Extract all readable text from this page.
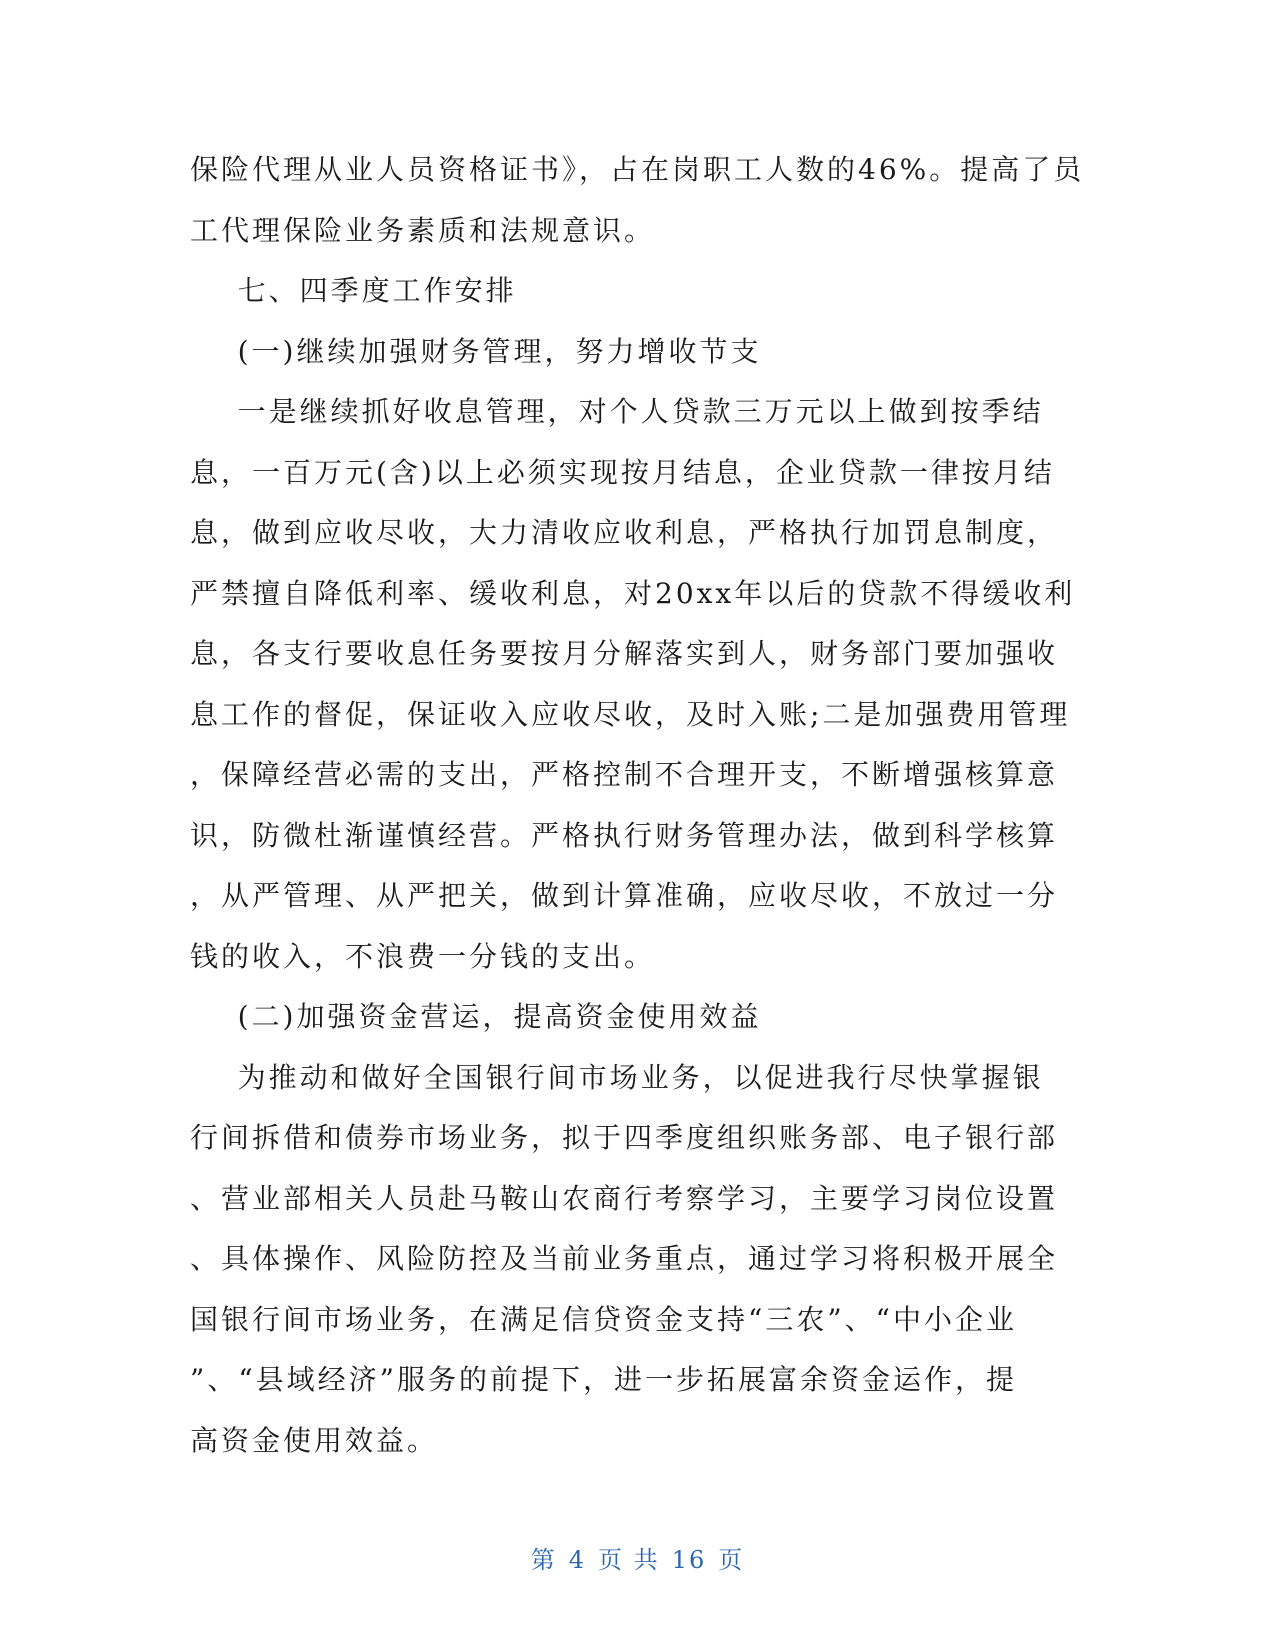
保险代理从业人员资格证书》，占在岗职工人数的46%。提高了员
工代理保险业务素质和法规意识。
七、四季度工作安排
(一)继续加强财务管理，努力增收节支
一是继续抓好收息管理，对个人贷款三万元以上做到按季结
息，一百万元(含)以上必须实现按月结息，企业贷款一律按月结
息，做到应收尽收，大力清收应收利息，严格执行加罚息制度，
严禁擅自降低利率、缓收利息，对20xx年以后的贷款不得缓收利
息，各支行要收息任务要按月分解落实到人，财务部门要加强收
息工作的督促，保证收入应收尽收，及时入账;二是加强费用管理
，保障经营必需的支出，严格控制不合理开支，不断增强核算意
识，防微杜渐谨慎经营。严格执行财务管理办法，做到科学核算
，从严管理、从严把关，做到计算准确，应收尽收，不放过一分
钱的收入，不浪费一分钱的支出。
(二)加强资金营运，提高资金使用效益
为推动和做好全国银行间市场业务，以促进我行尽快掌握银
行间拆借和债券市场业务，拟于四季度组织账务部、电子银行部
、营业部相关人员赴马鞍山农商行考察学习，主要学习岗位设置
、具体操作、风险防控及当前业务重点，通过学习将积极开展全
国银行间市场业务，在满足信贷资金支持“三农”、“中小企业
”、“县域经济”服务的前提下，进一步拓展富余资金运作，提
高资金使用效益。
第 4 页 共 16 页
